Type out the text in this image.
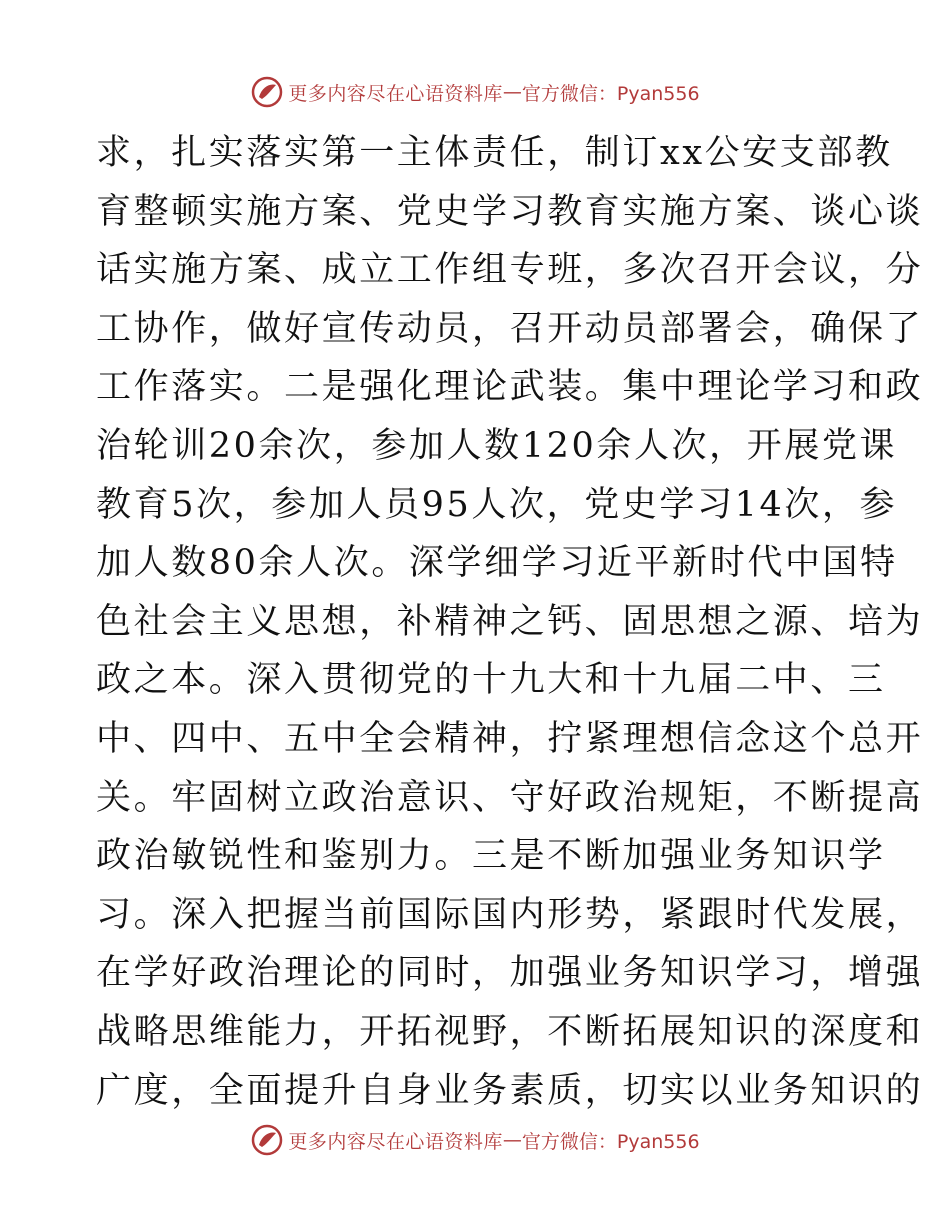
更多内容尽在心语资料库 — 官方微信：Pyan556
求，扎实落实第一主体责任，制订xx公安支部教
育整顿实施方案、党史学习教育实施方案、谈心谈
话实施方案、成立工作组专班，多次召开会议，分
工协作，做好宣传动员，召开动员部署会，确保了
工作落实。二是强化理论武装。集中理论学习和政
治轮训20余次，参加人数120余人次，开展党课
教育5次，参加人员95人次，党史学习14次，参
加人数80余人次。深学细学习近平新时代中国特
色社会主义思想，补精神之钙、固思想之源、培为
政之本。深入贯彻党的十九大和十九届二中、三
中、四中、五中全会精神，拧紧理想信念这个总开
关。牢固树立政治意识、守好政治规矩，不断提高
政治敏锐性和鉴别力。三是不断加强业务知识学
习。深入把握当前国际国内形势，紧跟时代发展，
在学好政治理论的同时，加强业务知识学习，增强
战略思维能力，开拓视野，不断拓展知识的深度和
广度，全面提升自身业务素质，切实以业务知识的
更多内容尽在心语资料库 — 官方微信：Pyan556
